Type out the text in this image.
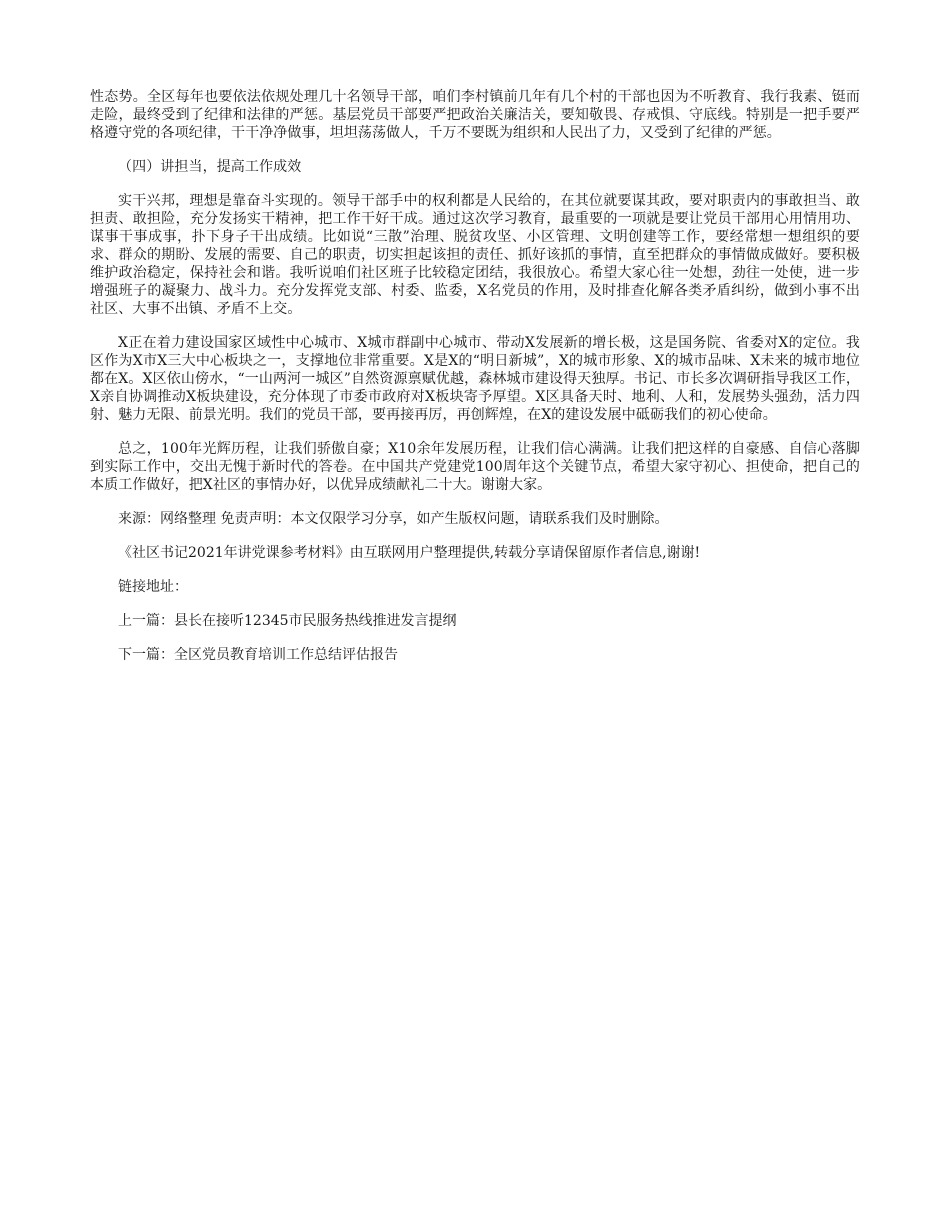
性态势。全区每年也要依法依规处理几十名领导干部，咱们李村镇前几年有几个村的干部也因为不听教育、我行我素、铤而走险，最终受到了纪律和法律的严惩。基层党员干部要严把政治关廉洁关，要知敬畏、存戒惧、守底线。特别是一把手要严格遵守党的各项纪律，干干净净做事，坦坦荡荡做人，千万不要既为组织和人民出了力，又受到了纪律的严惩。

（四）讲担当，提高工作成效

实干兴邦，理想是靠奋斗实现的。领导干部手中的权利都是人民给的，在其位就要谋其政，要对职责内的事敢担当、敢担责、敢担险，充分发扬实干精神，把工作干好干成。通过这次学习教育，最重要的一项就是要让党员干部用心用情用功、谋事干事成事，扑下身子干出成绩。比如说“三散”治理、脱贫攻坚、小区管理、文明创建等工作，要经常想一想组织的要求、群众的期盼、发展的需要、自己的职责，切实担起该担的责任、抓好该抓的事情，直至把群众的事情做成做好。要积极维护政治稳定，保持社会和谐。我听说咱们社区班子比较稳定团结，我很放心。希望大家心往一处想，劲往一处使，进一步增强班子的凝聚力、战斗力。充分发挥党支部、村委、监委，X名党员的作用，及时排查化解各类矛盾纠纷，做到小事不出社区、大事不出镇、矛盾不上交。

X正在着力建设国家区域性中心城市、X城市群副中心城市、带动X发展新的增长极，这是国务院、省委对X的定位。我区作为X市X三大中心板块之一，支撑地位非常重要。X是X的“明日新城”，X的城市形象、X的城市品味、X未来的城市地位都在X。X区依山傍水，“一山两河一城区”自然资源禀赋优越，森林城市建设得天独厚。书记、市长多次调研指导我区工作，X亲自协调推动X板块建设，充分体现了市委市政府对X板块寄予厚望。X区具备天时、地利、人和，发展势头强劲，活力四射、魅力无限、前景光明。我们的党员干部，要再接再厉，再创辉煌，在X的建设发展中砥砺我们的初心使命。

总之，100年光辉历程，让我们骄傲自豪；X10余年发展历程，让我们信心满满。让我们把这样的自豪感、自信心落脚到实际工作中，交出无愧于新时代的答卷。在中国共产党建党100周年这个关键节点，希望大家守初心、担使命，把自己的本质工作做好，把X社区的事情办好，以优异成绩献礼二十大。谢谢大家。

来源：网络整理 免责声明：本文仅限学习分享，如产生版权问题，请联系我们及时删除。

《社区书记2021年讲党课参考材料》由互联网用户整理提供,转载分享请保留原作者信息,谢谢!

链接地址：

上一篇：县长在接听12345市民服务热线推进发言提纲

下一篇：全区党员教育培训工作总结评估报告
